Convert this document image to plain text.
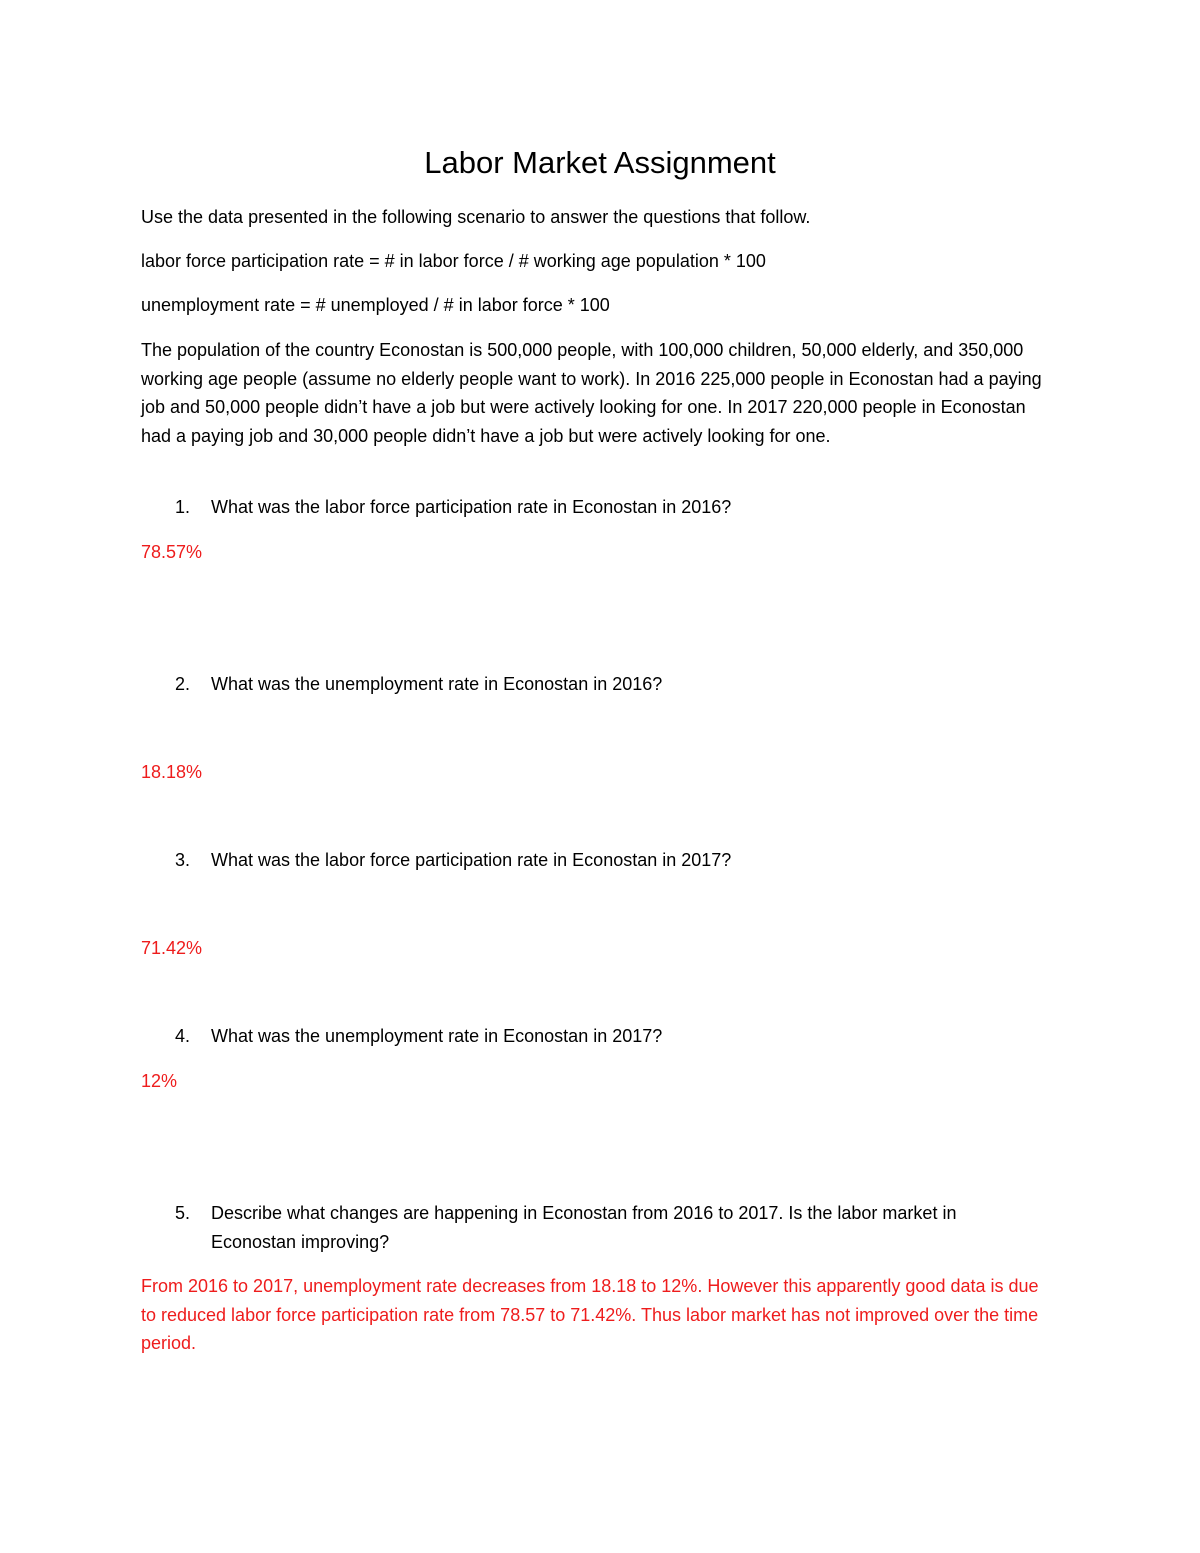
Labor Market Assignment

Use the data presented in the following scenario to answer the questions that follow.

labor force participation rate = # in labor force / # working age population * 100

unemployment rate = # unemployed / # in labor force * 100

The population of the country Econostan is 500,000 people, with 100,000 children, 50,000 elderly, and 350,000 working age people (assume no elderly people want to work). In 2016 225,000 people in Econostan had a paying job and 50,000 people didn’t have a job but were actively looking for one. In 2017 220,000 people in Econostan had a paying job and 30,000 people didn’t have a job but were actively looking for one.

1.	What was the labor force participation rate in Econostan in 2016?
78.57%
2.	What was the unemployment rate in Econostan in 2016?
18.18%
3.	What was the labor force participation rate in Econostan in 2017?
71.42%
4.	What was the unemployment rate in Econostan in 2017?
12%
5.	Describe what changes are happening in Econostan from 2016 to 2017. Is the labor market in Econostan improving?
From 2016 to 2017, unemployment rate decreases from 18.18 to 12%. However this apparently good data is due to reduced labor force participation rate from 78.57 to 71.42%. Thus labor market has not improved over the time period.
